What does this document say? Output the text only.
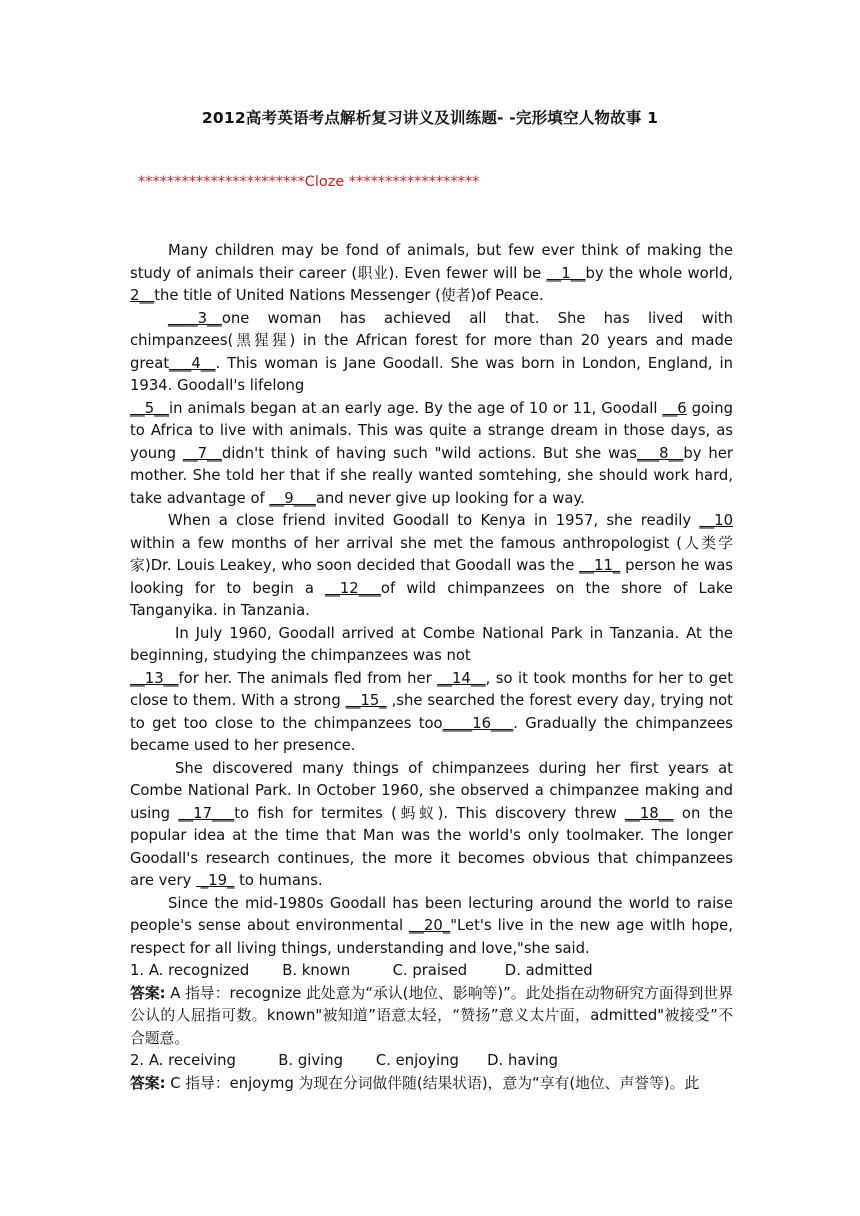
2012高考英语考点解析复习讲义及训练题- -完形填空人物故事 1
***********************Cloze ******************

Many children may be fond of animals, but few ever think of making the study of animals their career (职业). Even fewer will be __1__by the whole world, 2__the title of United Nations Messenger (使者)of Peace.

____3__one woman has achieved all that. She has lived with chimpanzees(黑猩猩) in the African forest for more than 20 years and made great___4__. This woman is Jane Goodall. She was born in London, England, in 1934. Goodall's lifelong
__5__in animals began at an early age. By the age of 10 or 11, Goodall __6 going to Africa to live with animals. This was quite a strange dream in those days, as young __7__didn't think of having such "wild actions. But she was___8__by her mother. She told her that if she really wanted somtehing, she should work hard, take advantage of __9___and never give up looking for a way.

When a close friend invited Goodall to Kenya in 1957, she readily __10 within a few months of her arrival she met the famous anthropologist (人类学家)Dr. Louis Leakey, who soon decided that Goodall was the __11_ person he was looking for to begin a __12___of wild chimpanzees on the shore of Lake Tanganyika. in Tanzania.

In July 1960, Goodall arrived at Combe National Park in Tanzania. At the beginning, studying the chimpanzees was not
__13__for her. The animals fled from her __14__, so it took months for her to get close to them. With a strong __15_ ,she searched the forest every day, trying not to get too close to the chimpanzees too____16___. Gradually the chimpanzees became used to her presence.

She discovered many things of chimpanzees during her first years at Combe National Park. In October 1960, she observed a chimpanzee making and using __17___to fish for termites (蚂蚁). This discovery threw __18__ on the popular idea at the time that Man was the world's only toolmaker. The longer Goodall's research continues, the more it becomes obvious that chimpanzees are very  _19_ to humans.

Since the mid-1980s Goodall has been lecturing around the world to raise people's sense about environmental __20_"Let's live in the new age witlh hope, respect for all living things, understanding and love,"she said.

1. A. recognized       B. known         C. praised        D. admitted

答案: A 指导：recognize 此处意为“承认(地位、影响等)”。此处指在动物研究方面得到世界公认的人屈指可数。known"被知道”语意太轻，“赞扬”意义太片面，admitted"被接受”不合题意。

2. A. receiving         B. giving       C. enjoying      D. having

答案: C 指导：enjoymg 为现在分词做伴随(结果状语)，意为“享有(地位、声誉等)。此
